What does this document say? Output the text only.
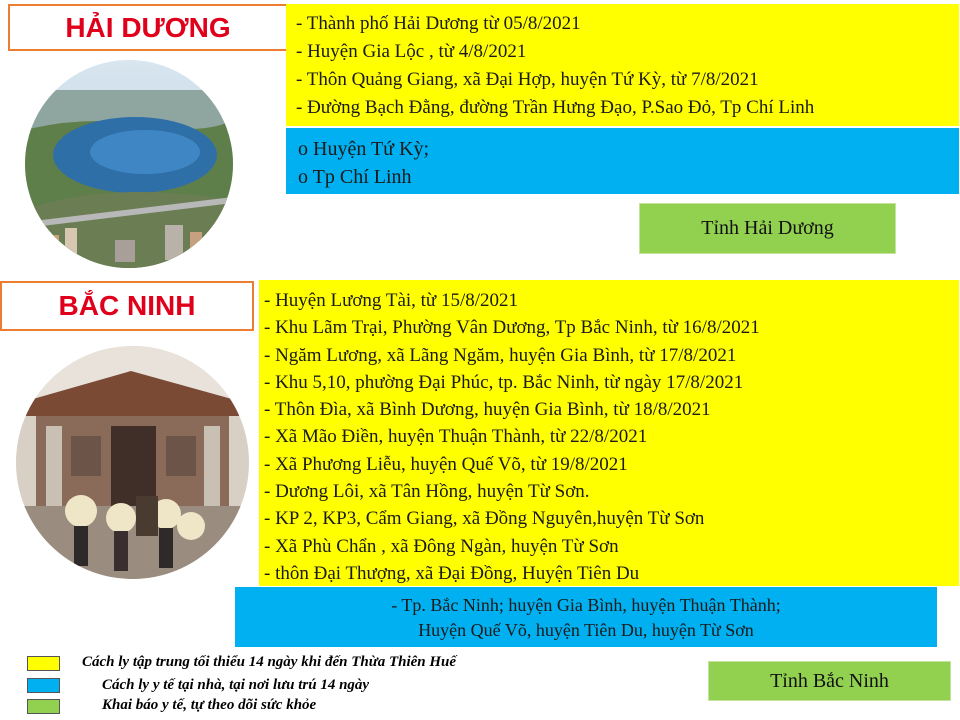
HẢI DƯƠNG	- Thành phố Hải Dương từ 05/8/2021
- Huyện Gia Lộc , từ 4/8/2021
- Thôn Quảng Giang, xã Đại Hợp, huyện Tứ Kỳ, từ 7/8/2021
- Đường Bạch Đằng, đường Trần Hưng Đạo, P.Sao Đỏ, Tp Chí Linh
o Huyện Tứ Kỳ;
o Tp Chí Linh
Tỉnh Hải Dương
BẮC NINH	- Huyện Lương Tài, từ 15/8/2021
- Khu Lãm Trại, Phường Vân Dương, Tp Bắc Ninh, từ 16/8/2021
- Ngăm Lương, xã Lãng Ngăm, huyện Gia Bình, từ 17/8/2021
- Khu 5,10, phường Đại Phúc, tp. Bắc Ninh, từ ngày 17/8/2021
- Thôn Đìa, xã Bình Dương, huyện Gia Bình, từ 18/8/2021
- Xã Mão Điền, huyện Thuận Thành, từ 22/8/2021
- Xã Phương Liễu, huyện Quế Võ, từ 19/8/2021
- Dương Lôi, xã Tân Hồng, huyện Từ Sơn.
- KP 2, KP3, Cẩm Giang, xã Đồng Nguyên,huyện Từ Sơn
- Xã Phù Chẩn , xã Đông Ngàn, huyện Từ Sơn
- thôn Đại Thượng, xã Đại Đồng, Huyện Tiên Du
- Tp. Bắc Ninh; huyện Gia Bình, huyện Thuận Thành;
Huyện Quế Võ, huyện Tiên Du, huyện Từ Sơn
Tỉnh Bắc Ninh
Cách ly tập trung tối thiểu 14 ngày khi đến Thừa Thiên Huế
Cách ly y tế tại nhà, tại nơi lưu trú 14 ngày
Khai báo y tế, tự theo dõi sức khỏe
